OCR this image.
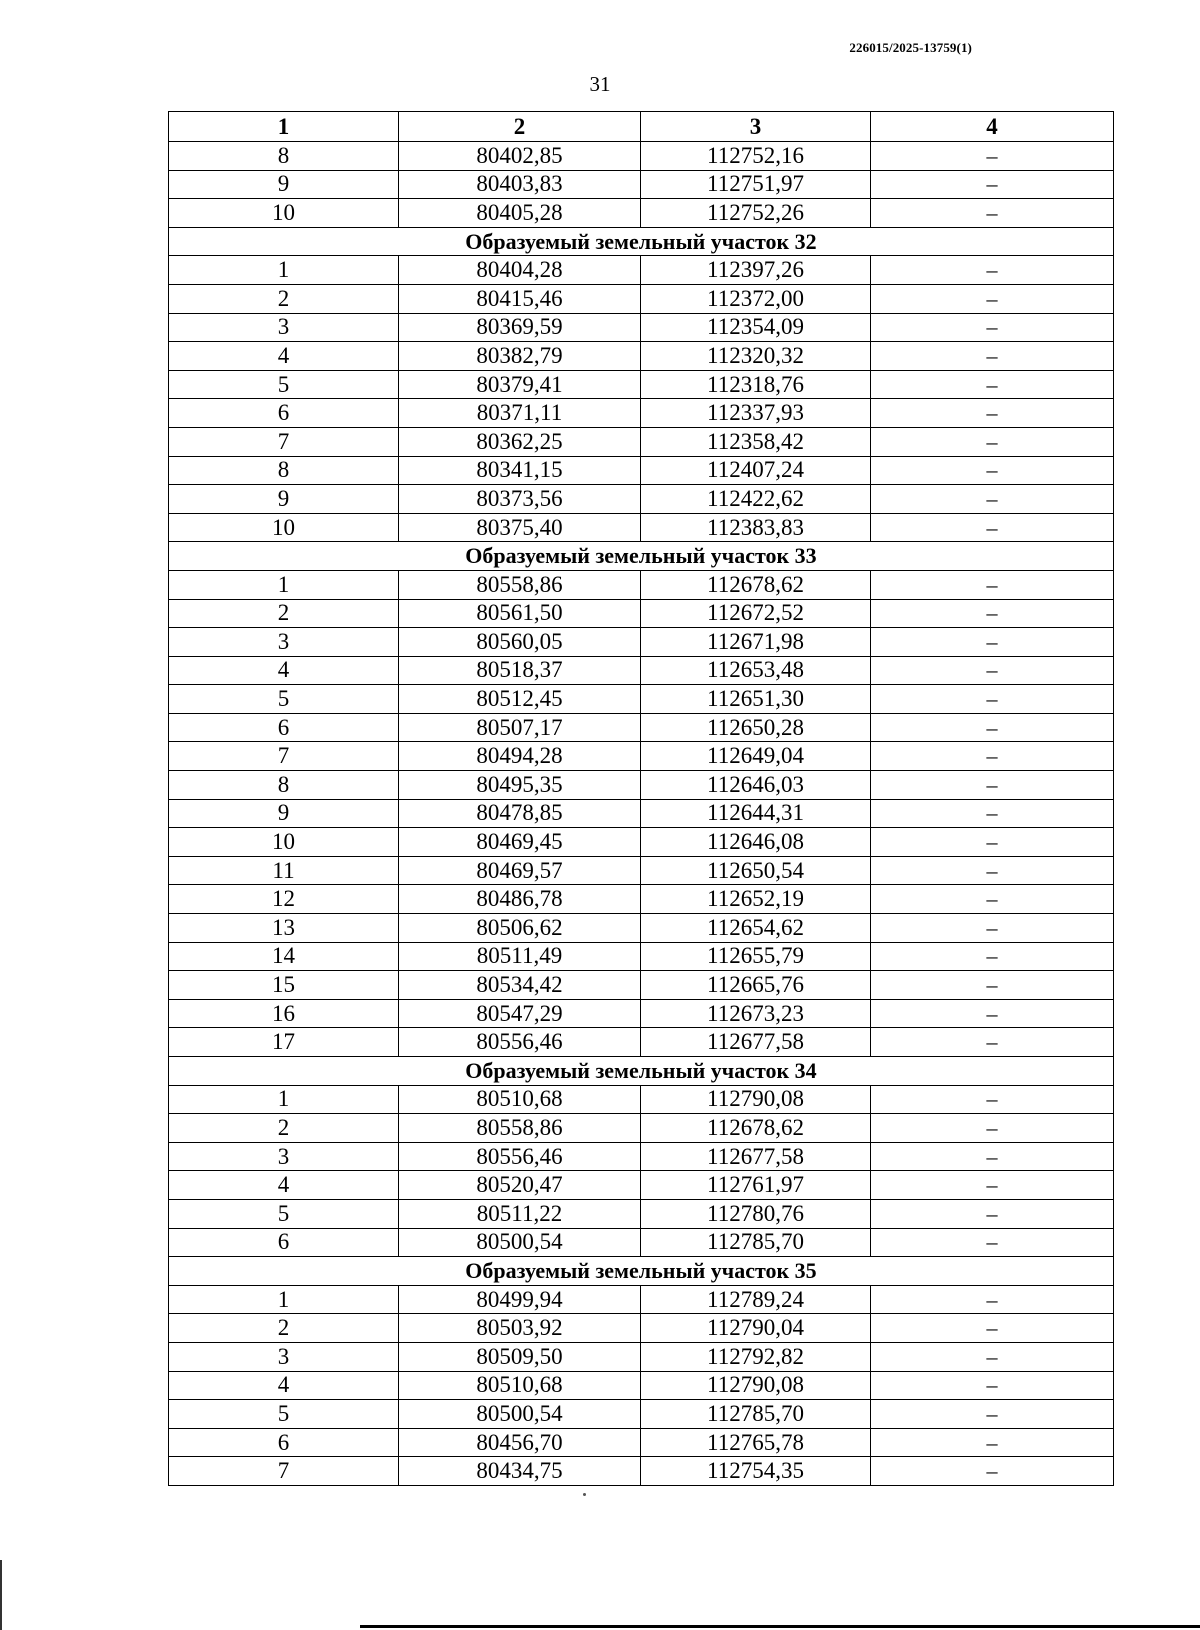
226015/2025-13759(1)
31
1	2	3	4
8	80402,85	112752,16	–
9	80403,83	112751,97	–
10	80405,28	112752,26	–
Образуемый земельный участок 32			
1	80404,28	112397,26	–
2	80415,46	112372,00	–
3	80369,59	112354,09	–
4	80382,79	112320,32	–
5	80379,41	112318,76	–
6	80371,11	112337,93	–
7	80362,25	112358,42	–
8	80341,15	112407,24	–
9	80373,56	112422,62	–
10	80375,40	112383,83	–
Образуемый земельный участок 33			
1	80558,86	112678,62	–
2	80561,50	112672,52	–
3	80560,05	112671,98	–
4	80518,37	112653,48	–
5	80512,45	112651,30	–
6	80507,17	112650,28	–
7	80494,28	112649,04	–
8	80495,35	112646,03	–
9	80478,85	112644,31	–
10	80469,45	112646,08	–
11	80469,57	112650,54	–
12	80486,78	112652,19	–
13	80506,62	112654,62	–
14	80511,49	112655,79	–
15	80534,42	112665,76	–
16	80547,29	112673,23	–
17	80556,46	112677,58	–
Образуемый земельный участок 34			
1	80510,68	112790,08	–
2	80558,86	112678,62	–
3	80556,46	112677,58	–
4	80520,47	112761,97	–
5	80511,22	112780,76	–
6	80500,54	112785,70	–
Образуемый земельный участок 35			
1	80499,94	112789,24	–
2	80503,92	112790,04	–
3	80509,50	112792,82	–
4	80510,68	112790,08	–
5	80500,54	112785,70	–
6	80456,70	112765,78	–
7	80434,75	112754,35	–
